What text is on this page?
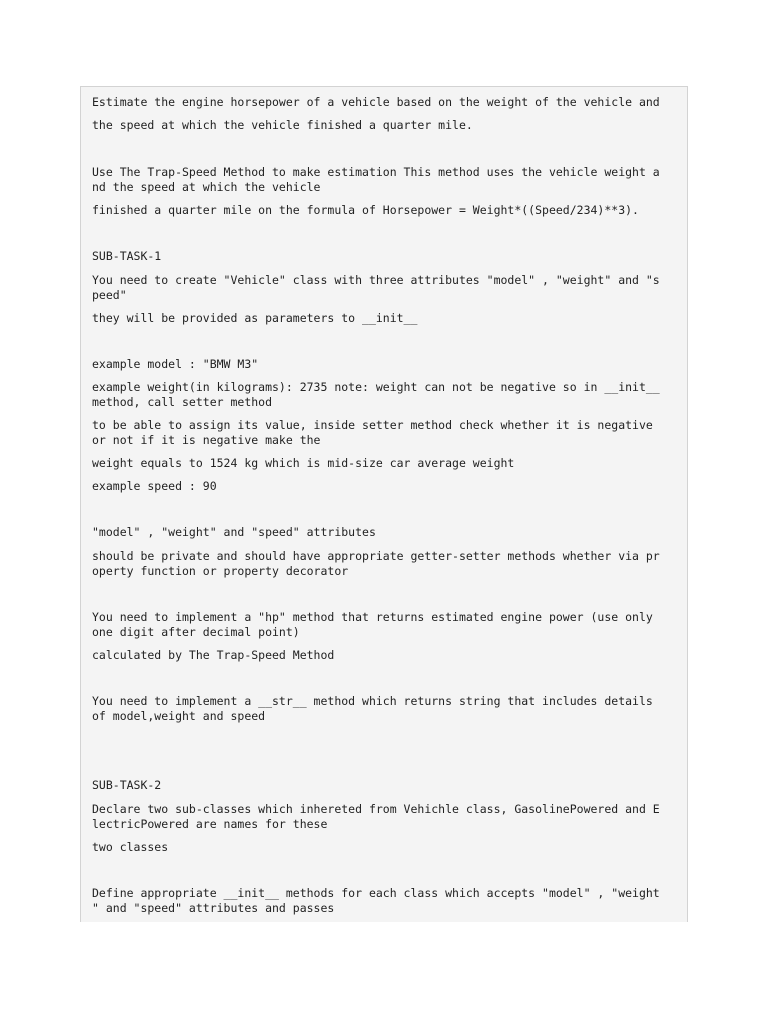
Estimate the engine horsepower of a vehicle based on the weight of the vehicle and

the speed at which the vehicle finished a quarter mile.

Use The Trap-Speed Method to make estimation This method uses the vehicle weight a
nd the speed at which the vehicle

finished a quarter mile on the formula of Horsepower = Weight*((Speed/234)**3).

SUB-TASK-1

You need to create "Vehicle" class with three attributes "model" , "weight" and "s
peed"

they will be provided as parameters to __init__

example model : "BMW M3"

example weight(in kilograms): 2735 note: weight can not be negative so in __init__
method, call setter method

to be able to assign its value, inside setter method check whether it is negative
or not if it is negative make the

weight equals to 1524 kg which is mid-size car average weight

example speed : 90

"model" , "weight" and "speed" attributes

should be private and should have appropriate getter-setter methods whether via pr
operty function or property decorator

You need to implement a "hp" method that returns estimated engine power (use only
one digit after decimal point)

calculated by The Trap-Speed Method

You need to implement a __str__ method which returns string that includes details
of model,weight and speed

SUB-TASK-2

Declare two sub-classes which inhereted from Vehichle class, GasolinePowered and E
lectricPowered are names for these

two classes

Define appropriate __init__ methods for each class which accepts "model" , "weight
" and "speed" attributes and passes
